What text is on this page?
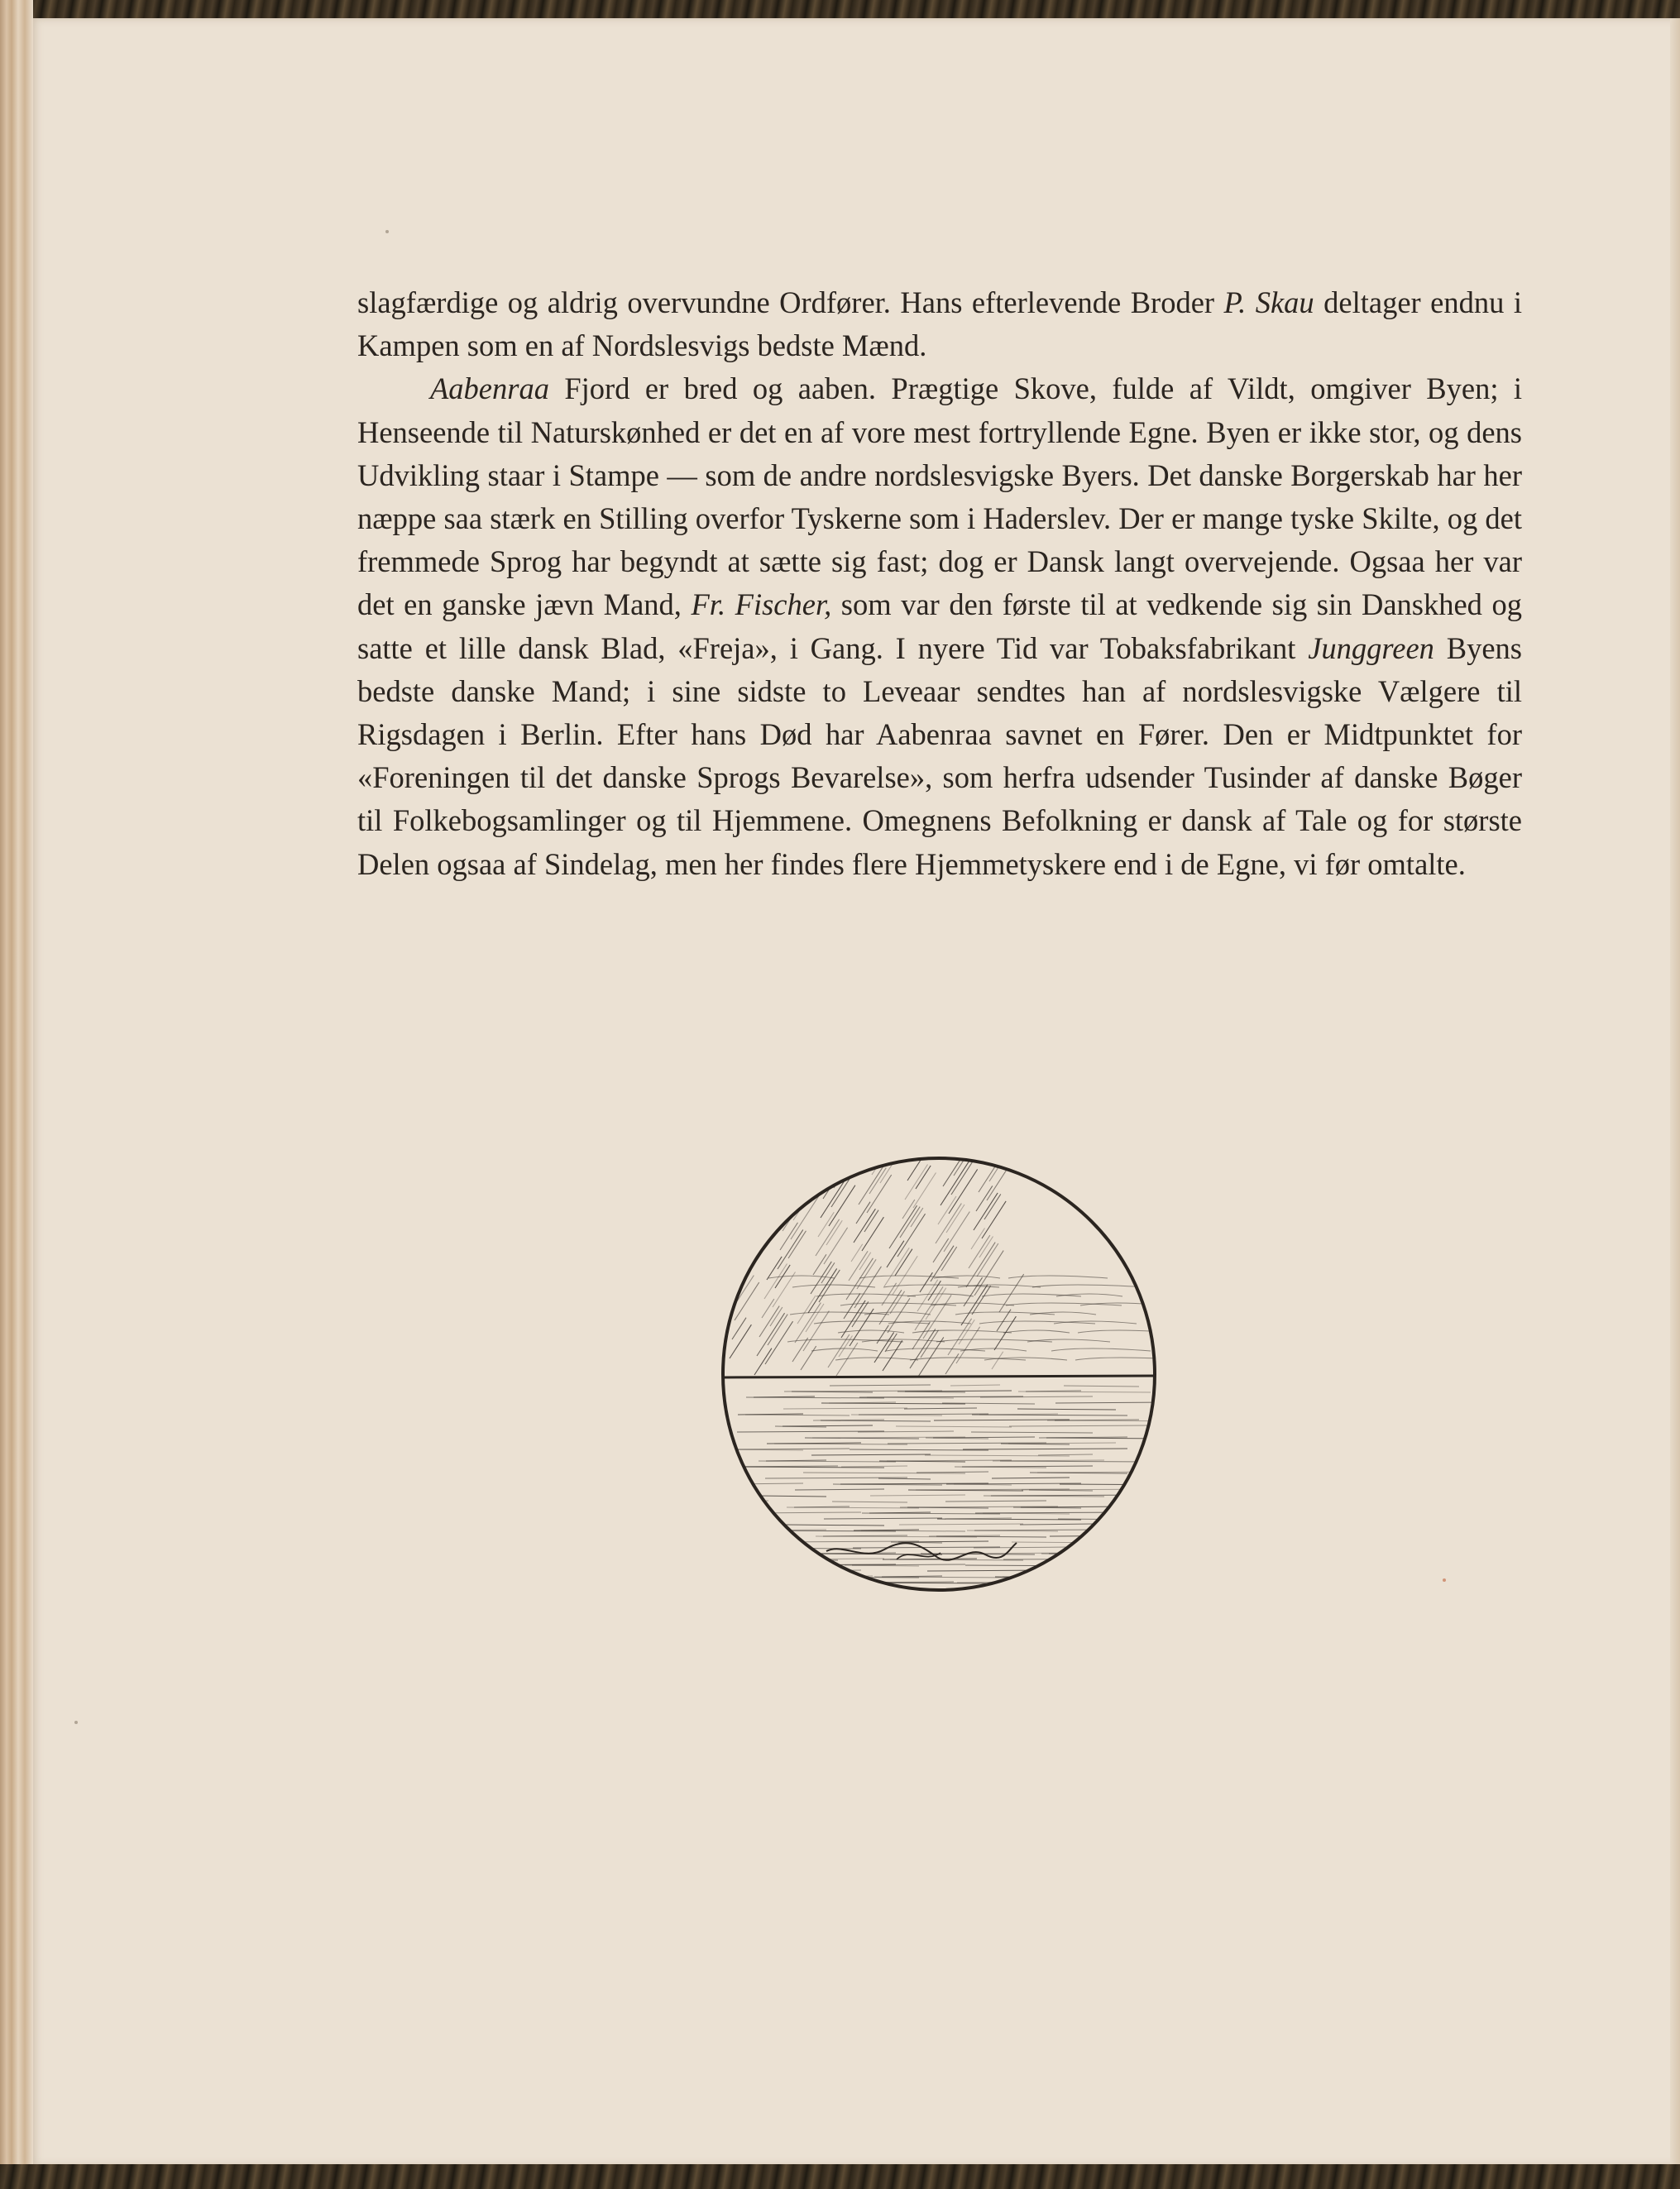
slagfærdige og aldrig overvundne Ordfører. Hans efterlevende Broder P. Skau deltager endnu i Kampen som en af Nordslesvigs bedste Mænd.

Aabenraa Fjord er bred og aaben. Prægtige Skove, fulde af Vildt, omgiver Byen; i Henseende til Naturskønhed er det en af vore mest fortryllende Egne. Byen er ikke stor, og dens Udvikling staar i Stampe — som de andre nordslesvigske Byers. Det danske Borgerskab har her næppe saa stærk en Stilling overfor Tyskerne som i Haderslev. Der er mange tyske Skilte, og det fremmede Sprog har begyndt at sætte sig fast; dog er Dansk langt overvejende. Ogsaa her var det en ganske jævn Mand, Fr. Fischer, som var den første til at vedkende sig sin Danskhed og satte et lille dansk Blad, «Freja», i Gang. I nyere Tid var Tobaksfabrikant Junggreen Byens bedste danske Mand; i sine sidste to Leveaar sendtes han af nordslesvigske Vælgere til Rigsdagen i Berlin. Efter hans Død har Aabenraa savnet en Fører. Den er Midtpunktet for «Foreningen til det danske Sprogs Bevarelse», som herfra udsender Tusinder af danske Bøger til Folkebogsamlinger og til Hjemmene. Omegnens Befolkning er dansk af Tale og for største Delen ogsaa af Sindelag, men her findes flere Hjemmetyskere end i de Egne, vi før omtalte.
